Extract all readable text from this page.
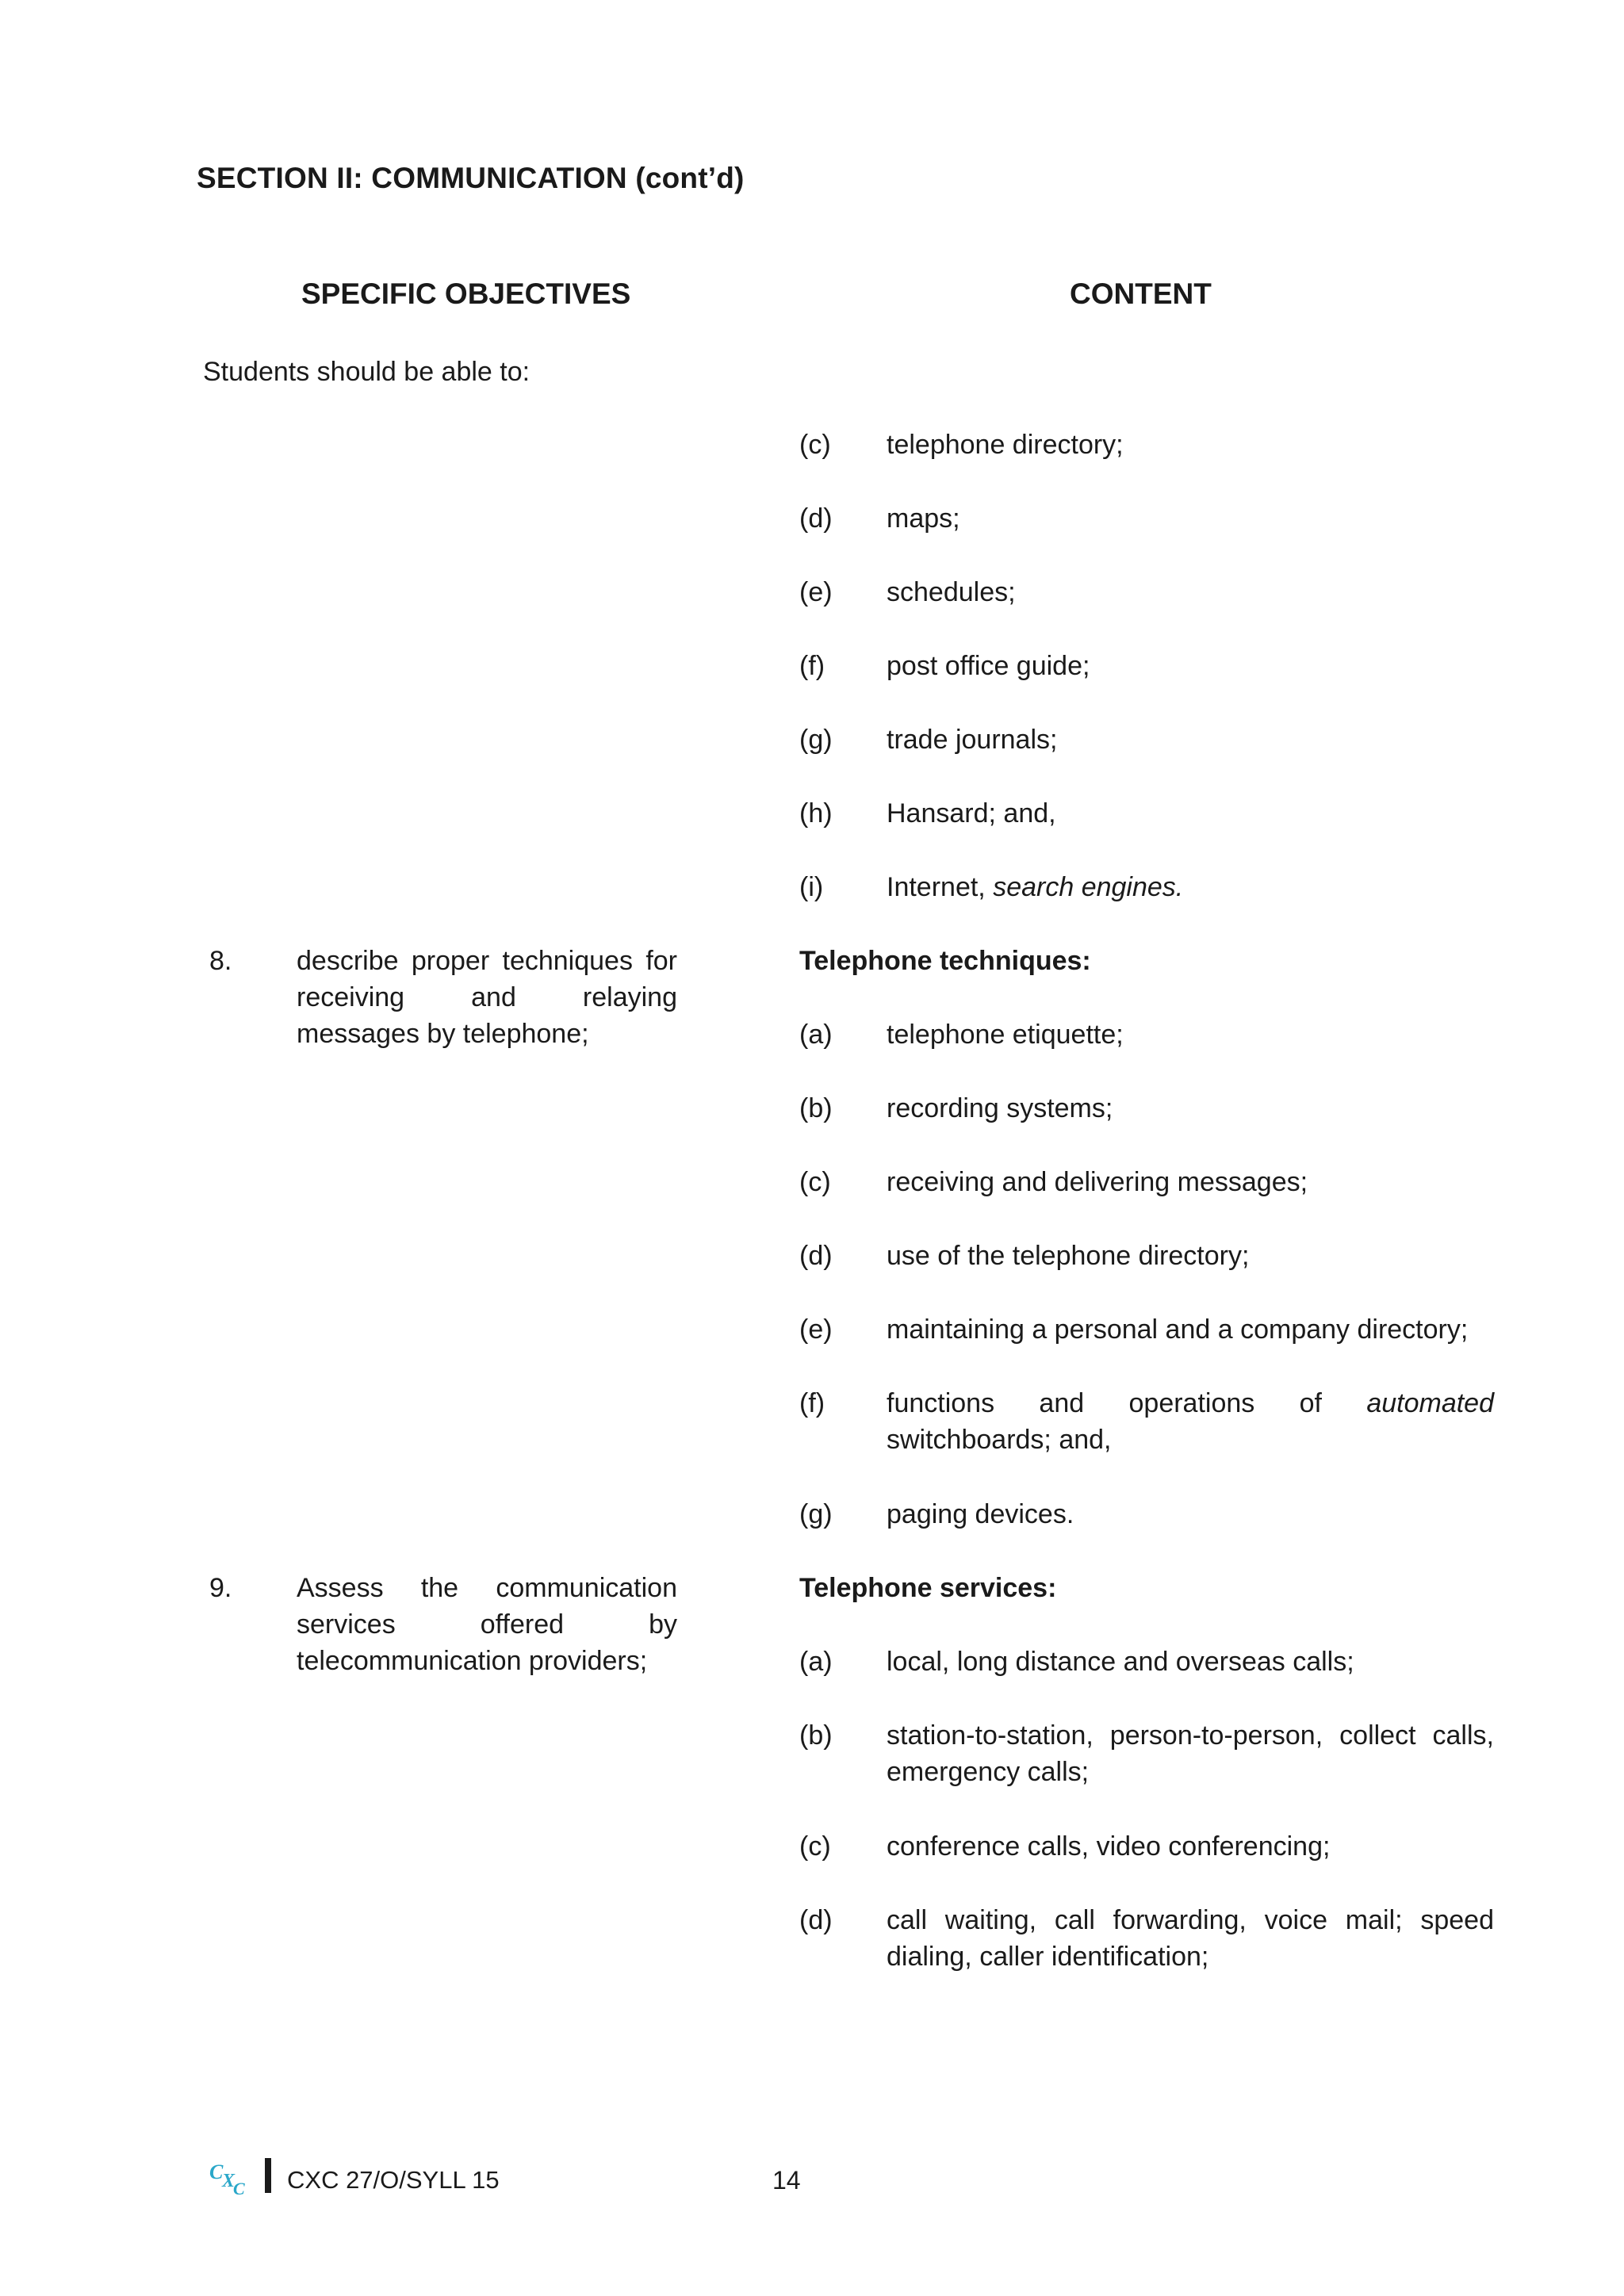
SECTION II: COMMUNICATION (cont’d)
SPECIFIC OBJECTIVES	CONTENT
Students should be able to:
(c) telephone directory;
(d) maps;
(e) schedules;
(f) post office guide;
(g) trade journals;
(h) Hansard; and,
(i) Internet, search engines.
8. describe proper techniques for receiving and relaying messages by telephone;
Telephone techniques:
(a) telephone etiquette;
(b) recording systems;
(c) receiving and delivering messages;
(d) use of the telephone directory;
(e) maintaining a personal and a company directory;
(f) functions and operations of automated switchboards; and,
(g) paging devices.
9. Assess the communication services offered by telecommunication providers;
Telephone services:
(a) local, long distance and overseas calls;
(b) station-to-station, person-to-person, collect calls, emergency calls;
(c) conference calls, video conferencing;
(d) call waiting, call forwarding, voice mail; speed dialing, caller identification;
C
X
C CXC 27/O/SYLL 15	14
